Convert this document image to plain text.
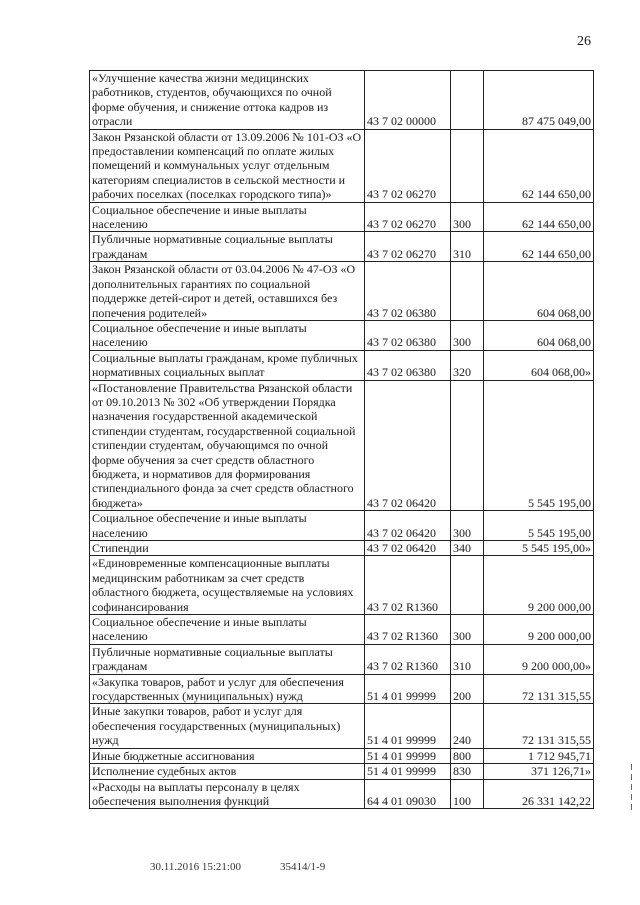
26
«Улучшение качества жизни медицинских работников, студентов, обучающихся по очной форме обучения, и снижение оттока кадров из отрасли	43 7 02 00000		87 475 049,00
Закон Рязанской области от 13.09.2006 № 101-ОЗ «О предоставлении компенсаций по оплате жилых помещений и коммунальных услуг отдельным категориям специалистов в сельской местности и рабочих поселках (поселках городского типа)»	43 7 02 06270		62 144 650,00
Социальное обеспечение и иные выплаты населению	43 7 02 06270	300	62 144 650,00
Публичные нормативные социальные выплаты гражданам	43 7 02 06270	310	62 144 650,00
Закон Рязанской области от 03.04.2006 № 47-ОЗ «О дополнительных гарантиях по социальной поддержке детей-сирот и детей, оставшихся без попечения родителей»	43 7 02 06380		604 068,00
Социальное обеспечение и иные выплаты населению	43 7 02 06380	300	604 068,00
Социальные выплаты гражданам, кроме публичных нормативных социальных выплат	43 7 02 06380	320	604 068,00»
«Постановление Правительства Рязанской области от 09.10.2013 № 302 «Об утверждении Порядка назначения государственной академической стипендии студентам, государственной социальной стипендии студентам, обучающимся по очной форме обучения за счет средств областного бюджета, и нормативов для формирования стипендиального фонда за счет средств областного бюджета»	43 7 02 06420		5 545 195,00
Социальное обеспечение и иные выплаты населению	43 7 02 06420	300	5 545 195,00
Стипендии	43 7 02 06420	340	5 545 195,00»
«Единовременные компенсационные выплаты медицинским работникам за счет средств областного бюджета, осуществляемые на условиях софинансирования	43 7 02 R1360		9 200 000,00
Социальное обеспечение и иные выплаты населению	43 7 02 R1360	300	9 200 000,00
Публичные нормативные социальные выплаты гражданам	43 7 02 R1360	310	9 200 000,00»
«Закупка товаров, работ и услуг для обеспечения государственных (муниципальных) нужд	51 4 01 99999	200	72 131 315,55
Иные закупки товаров, работ и услуг для обеспечения государственных (муниципальных) нужд	51 4 01 99999	240	72 131 315,55
Иные бюджетные ассигнования	51 4 01 99999	800	1 712 945,71
Исполнение судебных актов	51 4 01 99999	830	371 126,71»
«Расходы на выплаты персоналу в целях обеспечения выполнения функций	64 4 01 09030	100	26 331 142,22
30.11.2016 15:21:00	35414/1-9
